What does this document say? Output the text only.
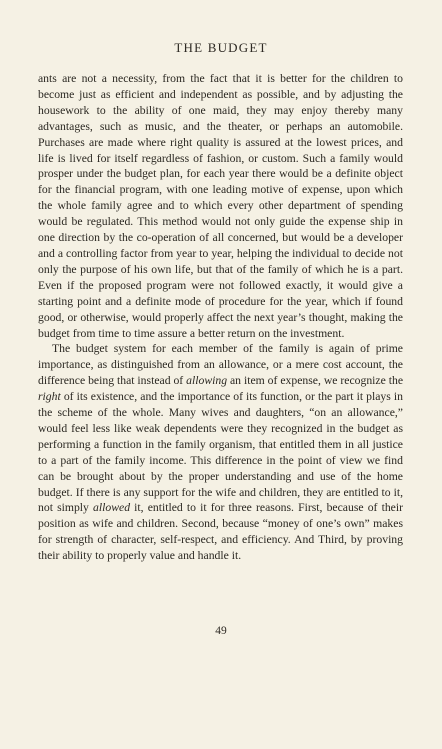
THE BUDGET

ants are not a necessity, from the fact that it is better for the children to become just as efficient and independent as possible, and by adjusting the housework to the ability of one maid, they may enjoy thereby many advantages, such as music, and the theater, or perhaps an automobile. Purchases are made where right quality is assured at the lowest prices, and life is lived for itself regardless of fashion, or custom. Such a family would prosper under the budget plan, for each year there would be a definite object for the financial program, with one leading motive of expense, upon which the whole family agree and to which every other department of spending would be regulated. This method would not only guide the expense ship in one direction by the co-operation of all concerned, but would be a developer and a controlling factor from year to year, helping the individual to decide not only the purpose of his own life, but that of the family of which he is a part. Even if the proposed program were not followed exactly, it would give a starting point and a definite mode of procedure for the year, which if found good, or otherwise, would properly affect the next year’s thought, making the budget from time to time assure a better return on the investment.

The budget system for each member of the family is again of prime importance, as distinguished from an allowance, or a mere cost account, the difference being that instead of allowing an item of expense, we recognize the right of its existence, and the importance of its function, or the part it plays in the scheme of the whole. Many wives and daughters, “on an allowance,” would feel less like weak dependents were they recognized in the budget as performing a function in the family organism, that entitled them in all justice to a part of the family income. This difference in the point of view we find can be brought about by the proper understanding and use of the home budget. If there is any support for the wife and children, they are entitled to it, not simply allowed it, entitled to it for three reasons. First, because of their position as wife and children. Second, because “money of one’s own” makes for strength of character, self-respect, and efficiency. And Third, by proving their ability to properly value and handle it.

49
